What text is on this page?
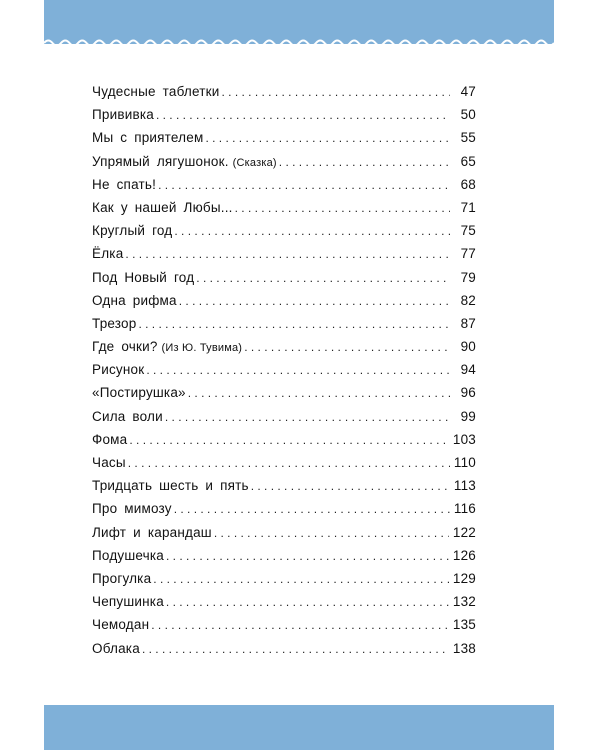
Чудесные таблетки . . .	47
Прививка . . .	50
Мы с приятелем . . .	55
Упрямый лягушонок. (Сказка) . . .	65
Не спать! . . .	68
Как у нашей Любы... . . .	71
Круглый год . . .	75
Ёлка . . .	77
Под Новый год . . .	79
Одна рифма . . .	82
Трезор . . .	87
Где очки? (Из Ю. Тувима) . . .	90
Рисунок . . .	94
«Постирушка» . . .	96
Сила воли . . .	99
Фома . . .	103
Часы . . .	110
Тридцать шесть и пять . . .	113
Про мимозу . . .	116
Лифт и карандаш . . .	122
Подушечка . . .	126
Прогулка . . .	129
Чепушинка . . .	132
Чемодан . . .	135
Облака . . .	138
